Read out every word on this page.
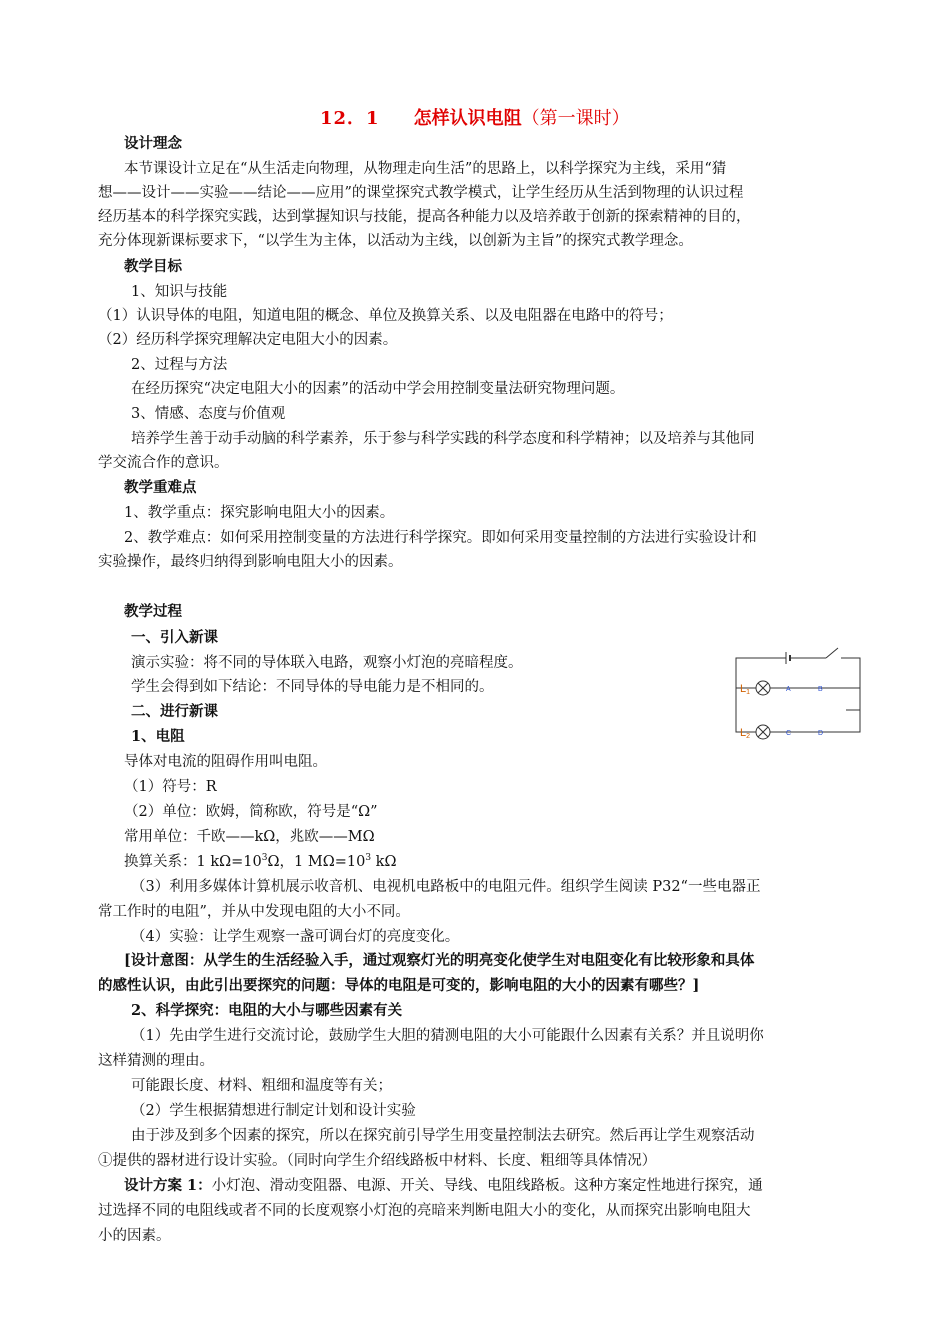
12．1 怎样认识电阻（第一课时）
设计理念
本节课设计立足在“从生活走向物理，从物理走向生活”的思路上，以科学探究为主线，采用“猜
想——设计——实验——结论——应用”的课堂探究式教学模式，让学生经历从生活到物理的认识过程
经历基本的科学探究实践，达到掌握知识与技能，提高各种能力以及培养敢于创新的探索精神的目的，
充分体现新课标要求下，“以学生为主体，以活动为主线，以创新为主旨”的探究式教学理念。
教学目标
1、知识与技能
（1）认识导体的电阻，知道电阻的概念、单位及换算关系、以及电阻器在电路中的符号；
（2）经历科学探究理解决定电阻大小的因素。
2、过程与方法
在经历探究“决定电阻大小的因素”的活动中学会用控制变量法研究物理问题。
3、情感、态度与价值观
培养学生善于动手动脑的科学素养，乐于参与科学实践的科学态度和科学精神；以及培养与其他同
学交流合作的意识。
教学重难点
1、教学重点：探究影响电阻大小的因素。
2、教学难点：如何采用控制变量的方法进行科学探究。即如何采用变量控制的方法进行实验设计和
实验操作，最终归纳得到影响电阻大小的因素。
教学过程
一、引入新课
演示实验：将不同的导体联入电路，观察小灯泡的亮暗程度。
学生会得到如下结论：不同导体的导电能力是不相同的。
二、进行新课
1、电阻
导体对电流的阻碍作用叫电阻。
（1）符号：R
（2）单位：欧姆，简称欧，符号是“Ω”
常用单位：千欧——kΩ，兆欧——MΩ
换算关系：1 $k\Omega=10^3\Omega$，1 $M\Omega=10^3$ kΩ
（3）利用多媒体计算机展示收音机、电视机电路板中的电阻元件。组织学生阅读 P32“一些电器正
常工作时的电阻”，并从中发现电阻的大小不同。
（4）实验：让学生观察一盏可调台灯的亮度变化。
[设计意图：从学生的生活经验入手，通过观察灯光的明亮变化使学生对电阻变化有比较形象和具体
的感性认识，由此引出要探究的问题：导体的电阻是可变的，影响电阻的大小的因素有哪些？]
2、科学探究：电阻的大小与哪些因素有关
（1）先由学生进行交流讨论，鼓励学生大胆的猜测电阻的大小可能跟什么因素有关系？并且说明你
这样猜测的理由。
可能跟长度、材料、粗细和温度等有关；
（2）学生根据猜想进行制定计划和设计实验
由于涉及到多个因素的探究，所以在探究前引导学生用变量控制法去研究。然后再让学生观察活动
①提供的器材进行设计实验。（同时向学生介绍线路板中材料、长度、粗细等具体情况）
设计方案 1：小灯泡、滑动变阻器、电源、开关、导线、电阻线路板。这种方案定性地进行探究，通
过选择不同的电阻线或者不同的长度观察小灯泡的亮暗来判断电阻大小的变化，从而探究出影响电阻大
小的因素。
L1
L2
A	B
C	D
